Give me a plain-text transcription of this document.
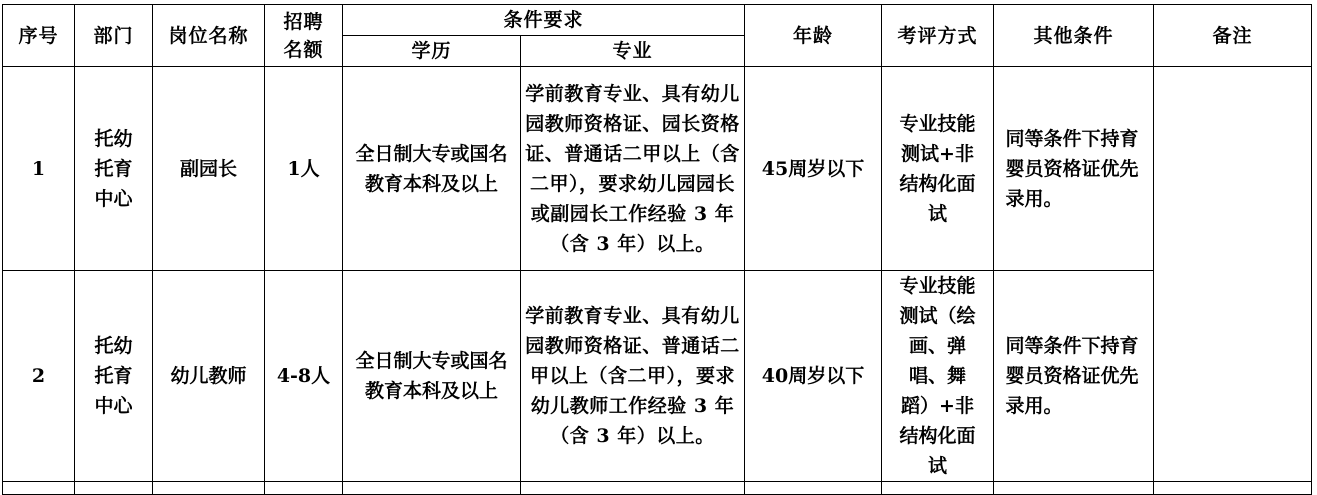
序号	部门	岗位名称	招聘名额	条件要求		年龄	考评方式	其他条件	备注
				学历	专业				
1	托幼托育中心	副园长	1人	全日制大专或国名教育本科及以上	学前教育专业、具有幼儿园教师资格证、园长资格证、普通话二甲以上（含二甲），要求幼儿园园长或副园长工作经验 3 年（含 3 年）以上。	45周岁以下	专业技能测试+非结构化面试	同等条件下持育婴员资格证优先录用。	

2	托幼托育中心	幼儿教师	4-8人	全日制大专或国名教育本科及以上	学前教育专业、具有幼儿园教师资格证、普通话二甲以上（含二甲），要求幼儿教师工作经验 3 年（含 3 年）以上。	40周岁以下	专业技能测试（绘画、弹唱、舞蹈）+非结构化面试	同等条件下持育婴员资格证优先录用。	
